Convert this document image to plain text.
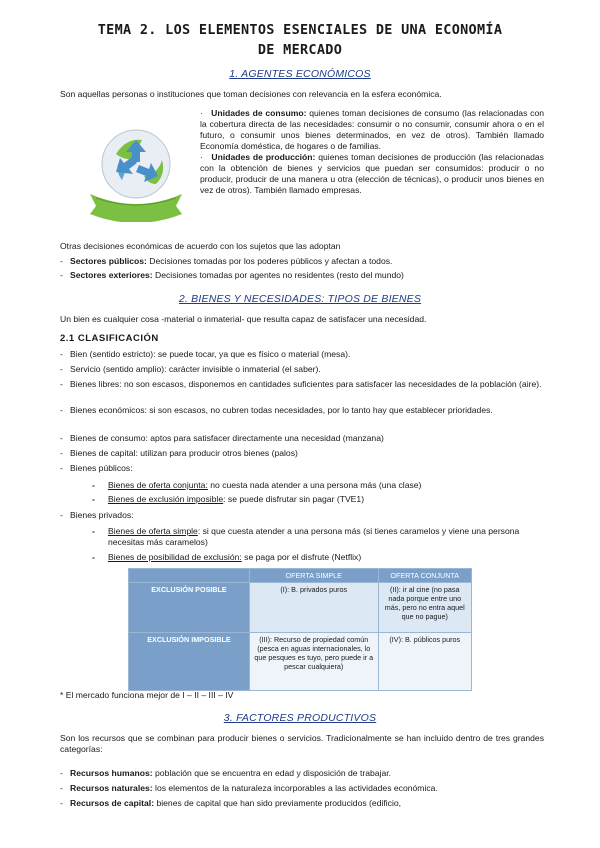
TEMA 2. LOS ELEMENTOS ESENCIALES DE UNA ECONOMÍA
DE MERCADO
1. AGENTES ECONÓMICOS
Son aquellas personas o instituciones que toman decisiones con relevancia en la esfera económica.
·   Unidades de consumo: quienes toman decisiones de consumo (las relacionadas con la cobertura directa de las necesidades: consumir o no consumir, consumir ahora o en el futuro, o consumir unos bienes determinados, en vez de otros). También llamado Economía doméstica, de hogares o de familias.
·   Unidades de producción: quienes toman decisiones de producción (las relacionadas con la obtención de bienes y servicios que puedan ser consumidos: producir o no producir, producir de una manera u otra (elección de técnicas), o producir unos bienes en vez de otros). También llamado empresas.
Otras decisiones económicas de acuerdo con los sujetos que las adoptan
- Sectores públicos: Decisiones tomadas por los poderes públicos y afectan a todos.
- Sectores exteriores: Decisiones tomadas por agentes no residentes (resto del mundo)
2. BIENES Y NECESIDADES: TIPOS DE BIENES
Un bien es cualquier cosa -material o inmaterial- que resulta capaz de satisfacer una necesidad.
2.1 CLASIFICACIÓN
- Bien (sentido estricto): se puede tocar, ya que es físico o material (mesa).
- Servicio (sentido amplio): carácter invisible o inmaterial (el saber).
- Bienes libres: no son escasos, disponemos en cantidades suficientes para satisfacer las necesidades de la población (aire).
- Bienes económicos: si son escasos, no cubren todas necesidades, por lo tanto hay que establecer prioridades.
- Bienes de consumo: aptos para satisfacer directamente una necesidad (manzana)
- Bienes de capital: utilizan para producir otros bienes (palos)
- Bienes públicos:
- Bienes de oferta conjunta: no cuesta nada atender a una persona más (una clase)
- Bienes de exclusión imposible: se puede disfrutar sin pagar (TVE1)
- Bienes privados:
- Bienes de oferta simple: si que cuesta atender a una persona más (si tienes caramelos y viene una persona necesitas más caramelos)
- Bienes de posibilidad de exclusión: se paga por el disfrute (Netflix)
	OFERTA SIMPLE	OFERTA CONJUNTA
EXCLUSIÓN POSIBLE	(I): B. privados puros	(II): ir al cine (no pasa nada porque entre uno más, pero no entra aquel que no pague)
EXCLUSIÓN IMPOSIBLE	(III): Recurso de propiedad común (pesca en aguas internacionales, lo que pesques es tuyo, pero puede ir a pescar cualquiera)	(IV): B. públicos puros
* El mercado funciona mejor de I – II – III – IV
3. FACTORES PRODUCTIVOS
Son los recursos que se combinan para producir bienes o servicios. Tradicionalmente se han incluido dentro de tres grandes categorías:
- Recursos humanos: población que se encuentra en edad y disposición de trabajar.
- Recursos naturales: los elementos de la naturaleza incorporables a las actividades económica.
- Recursos de capital: bienes de capital que han sido previamente producidos (edificio,
